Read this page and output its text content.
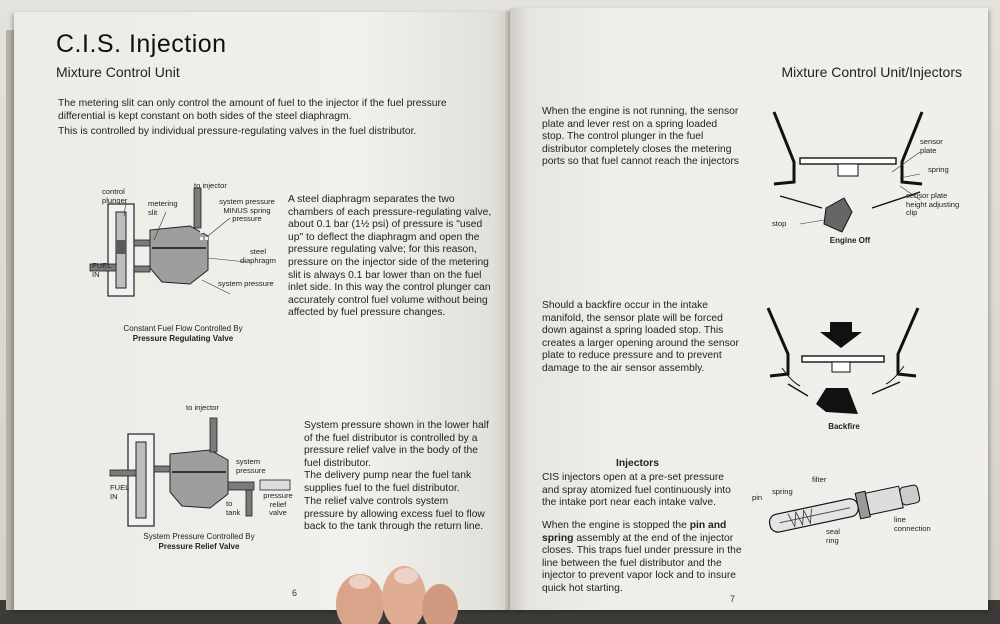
C.I.S. Injection
Mixture Control Unit
The metering slit can only control the amount of fuel to the injector if the fuel pressure differential is kept constant on both sides of the steel diaphragm.
This is controlled by individual pressure-regulating valves in the fuel distributor.
control plunger	metering slit
to injector
system pressure MINUS spring pressure
steel diaphragm
system pressure
FUEL IN
Constant Fuel Flow Controlled By
Pressure Regulating Valve
A steel diaphragm separates the two chambers of each pressure-regulating valve, about 0.1 bar (1½ psi) of pressure is "used up" to deflect the diaphragm and open the pressure regulating valve; for this reason, pressure on the injector side of the metering slit is always 0.1 bar lower than on the fuel inlet side. In this way the control plunger can accurately control fuel volume without being affected by fuel pressure changes.
to injector
FUEL IN
system pressure
to tank
pressure relief valve
System Pressure Controlled By
Pressure Relief Valve
System pressure shown in the lower half of the fuel distributor is controlled by a pressure relief valve in the body of the fuel distributor.
The delivery pump near the fuel tank supplies fuel to the fuel distributor.
The relief valve controls system pressure by allowing excess fuel to flow back to the tank through the return line.
6
Mixture Control Unit/Injectors
When the engine is not running, the sensor plate and lever rest on a spring loaded stop. The control plunger in the fuel distributor completely closes the metering ports so that fuel cannot reach the injectors
sensor plate
spring
sensor plate height adjusting clip
stop
Engine Off
Should a backfire occur in the intake manifold, the sensor plate will be forced down against a spring loaded stop. This creates a larger opening around the sensor plate to reduce pressure and to prevent damage to the air sensor assembly.
Backfire
Injectors
CIS injectors open at a pre-set pressure and spray atomized fuel continuously into the intake port near each intake valve.
When the engine is stopped the pin and spring assembly at the end of the injector closes. This traps fuel under pressure in the line between the fuel distributor and the injector to prevent vapor lock and to insure quick hot starting.
filter
spring
pin
seal ring
line connection
7
